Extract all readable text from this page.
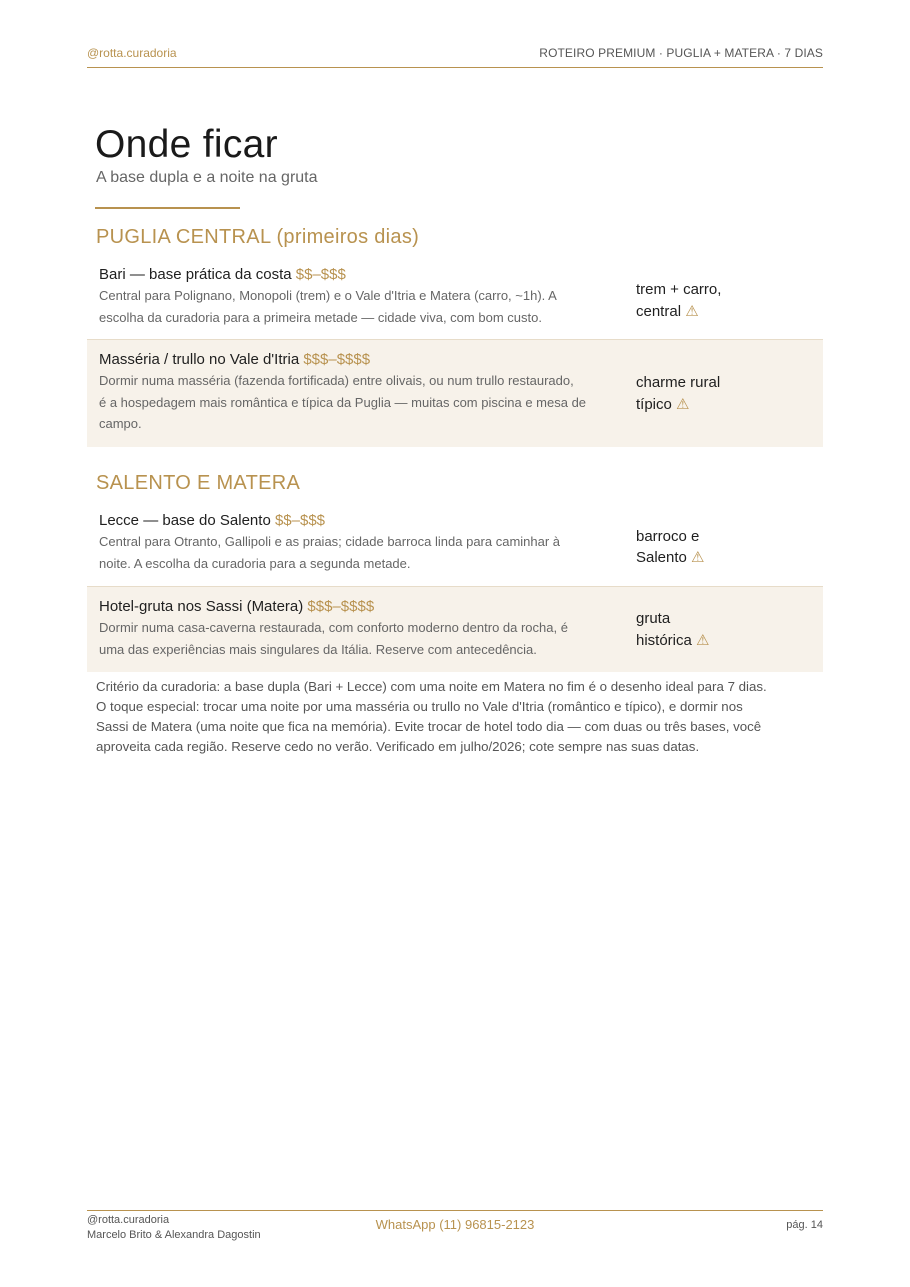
@rotta.curadoria	ROTEIRO PREMIUM · PUGLIA + MATERA · 7 DIAS
Onde ficar
A base dupla e a noite na gruta
PUGLIA CENTRAL (primeiros dias)
Bari — base prática da costa $$–$$$
Central para Polignano, Monopoli (trem) e o Vale d'Itria e Matera (carro, ~1h). A
escolha da curadoria para a primeira metade — cidade viva, com bom custo.
trem + carro,
central ⚠
Masséria / trullo no Vale d'Itria $$$–$$$$
Dormir numa masséria (fazenda fortificada) entre olivais, ou num trullo restaurado,
é a hospedagem mais romântica e típica da Puglia — muitas com piscina e mesa de
campo.
charme rural
típico ⚠
SALENTO E MATERA
Lecce — base do Salento $$–$$$
Central para Otranto, Gallipoli e as praias; cidade barroca linda para caminhar à
noite. A escolha da curadoria para a segunda metade.
barroco e
Salento ⚠
Hotel-gruta nos Sassi (Matera) $$$–$$$$
Dormir numa casa-caverna restaurada, com conforto moderno dentro da rocha, é
uma das experiências mais singulares da Itália. Reserve com antecedência.
gruta
histórica ⚠
Critério da curadoria: a base dupla (Bari + Lecce) com uma noite em Matera no fim é o desenho ideal para 7 dias.
O toque especial: trocar uma noite por uma masséria ou trullo no Vale d'Itria (romântico e típico), e dormir nos
Sassi de Matera (uma noite que fica na memória). Evite trocar de hotel todo dia — com duas ou três bases, você
aproveita cada região. Reserve cedo no verão. Verificado em julho/2026; cote sempre nas suas datas.
@rotta.curadoria
Marcelo Brito & Alexandra Dagostin
WhatsApp (11) 96815-2123	pág. 14
